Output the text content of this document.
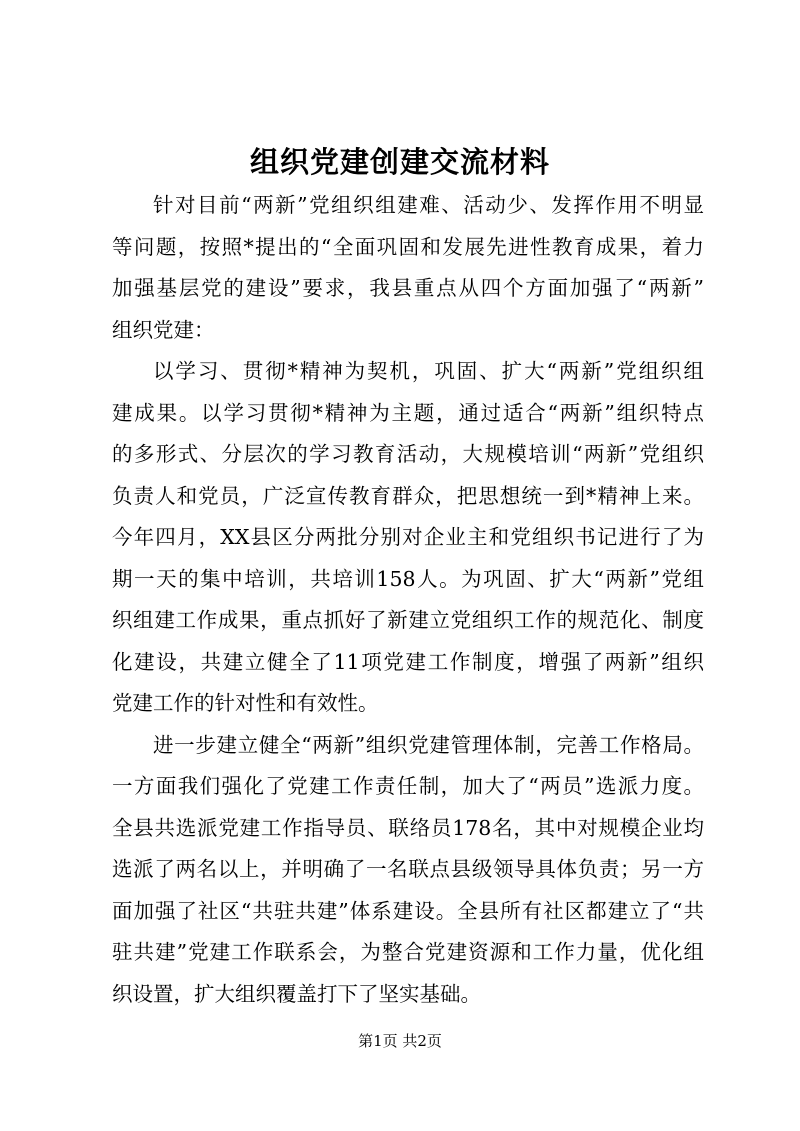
组织党建创建交流材料
针对目前“两新”党组织组建难、活动少、发挥作用不明显
等问题，按照*提出的“全面巩固和发展先进性教育成果，着力
加强基层党的建设”要求，我县重点从四个方面加强了“两新”
组织党建：
以学习、贯彻*精神为契机，巩固、扩大“两新”党组织组
建成果。以学习贯彻*精神为主题，通过适合“两新”组织特点
的多形式、分层次的学习教育活动，大规模培训“两新”党组织
负责人和党员，广泛宣传教育群众，把思想统一到*精神上来。
今年四月，XX县区分两批分别对企业主和党组织书记进行了为
期一天的集中培训，共培训158人。为巩固、扩大“两新”党组
织组建工作成果，重点抓好了新建立党组织工作的规范化、制度
化建设，共建立健全了11项党建工作制度，增强了两新”组织
党建工作的针对性和有效性。
进一步建立健全“两新”组织党建管理体制，完善工作格局。
一方面我们强化了党建工作责任制，加大了“两员”选派力度。
全县共选派党建工作指导员、联络员178名，其中对规模企业均
选派了两名以上，并明确了一名联点县级领导具体负责；另一方
面加强了社区“共驻共建”体系建设。全县所有社区都建立了“共
驻共建”党建工作联系会，为整合党建资源和工作力量，优化组
织设置，扩大组织覆盖打下了坚实基础。
第1页 共2页
